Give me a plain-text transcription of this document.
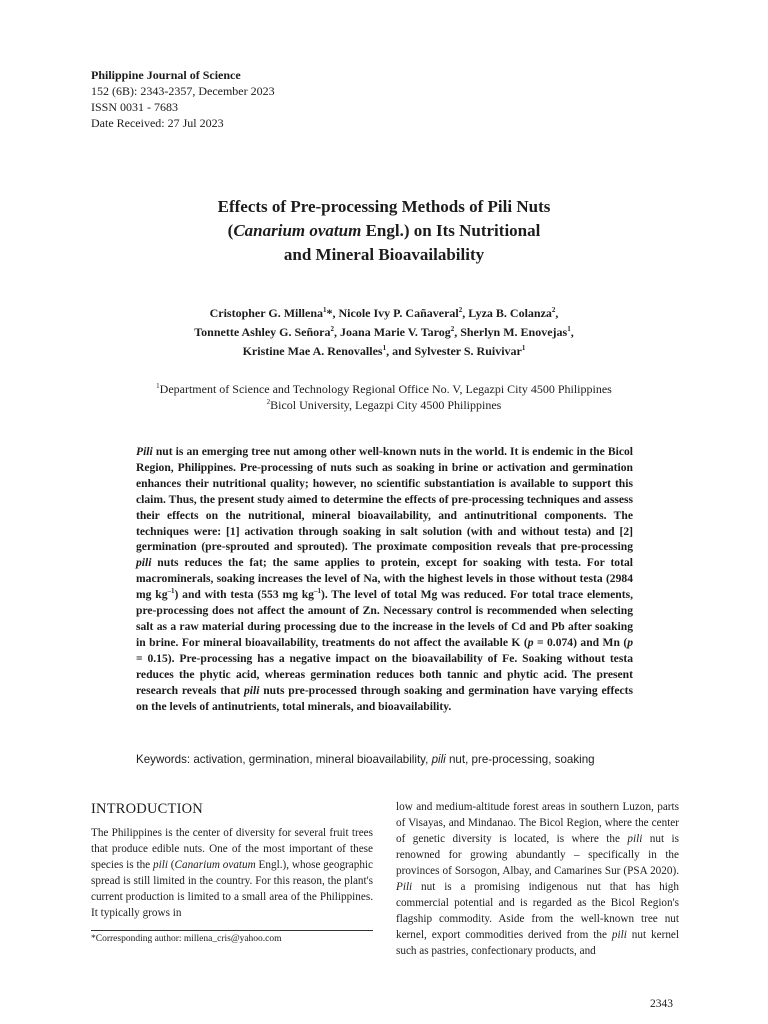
Philippine Journal of Science
152 (6B): 2343-2357, December 2023
ISSN 0031 - 7683
Date Received: 27 Jul 2023
Effects of Pre-processing Methods of Pili Nuts
(Canarium ovatum Engl.) on Its Nutritional
and Mineral Bioavailability
Cristopher G. Millena$^1$*, Nicole Ivy P. Cañaveral$^2$, Lyza B. Colanza$^2$,
Tonnette Ashley G. Señora$^2$, Joana Marie V. Tarog$^2$, Sherlyn M. Enovejas$^1$,
Kristine Mae A. Renovalles$^1$, and Sylvester S. Ruivivar$^1$
$^1$Department of Science and Technology Regional Office No. V, Legazpi City 4500 Philippines
$^2$Bicol University, Legazpi City 4500 Philippines
Pili nut is an emerging tree nut among other well-known nuts in the world. It is endemic in the Bicol Region, Philippines. Pre-processing of nuts such as soaking in brine or activation and germination enhances their nutritional quality; however, no scientific substantiation is available to support this claim. Thus, the present study aimed to determine the effects of pre-processing techniques and assess their effects on the nutritional, mineral bioavailability, and antinutritional components. The techniques were: [1] activation through soaking in salt solution (with and without testa) and [2] germination (pre-sprouted and sprouted). The proximate composition reveals that pre-processing pili nuts reduces the fat; the same applies to protein, except for soaking with testa. For total macrominerals, soaking increases the level of Na, with the highest levels in those without testa (2984 mg $kg^{-1}$) and with testa (553 mg $kg^{-1}$). The level of total Mg was reduced. For total trace elements, pre-processing does not affect the amount of Zn. Necessary control is recommended when selecting salt as a raw material during processing due to the increase in the levels of Cd and Pb after soaking in brine. For mineral bioavailability, treatments do not affect the available K (p = 0.074) and Mn (p = 0.15). Pre-processing has a negative impact on the bioavailability of Fe. Soaking without testa reduces the phytic acid, whereas germination reduces both tannic and phytic acid. The present research reveals that pili nuts pre-processed through soaking and germination have varying effects on the levels of antinutrients, total minerals, and bioavailability.
Keywords: activation, germination, mineral bioavailability, pili nut, pre-processing, soaking
INTRODUCTION
The Philippines is the center of diversity for several fruit trees that produce edible nuts. One of the most important of these species is the pili (Canarium ovatum Engl.), whose geographic spread is still limited in the country. For this reason, the plant's current production is limited to a small area of the Philippines. It typically grows in
low and medium-altitude forest areas in southern Luzon, parts of Visayas, and Mindanao. The Bicol Region, where the center of genetic diversity is located, is where the pili nut is renowned for growing abundantly – specifically in the provinces of Sorsogon, Albay, and Camarines Sur (PSA 2020). Pili nut is a promising indigenous nut that has high commercial potential and is regarded as the Bicol Region's flagship commodity. Aside from the well-known tree nut kernel, export commodities derived from the pili nut kernel such as pastries, confectionary products, and
*Corresponding author: millena_cris@yahoo.com
2343
